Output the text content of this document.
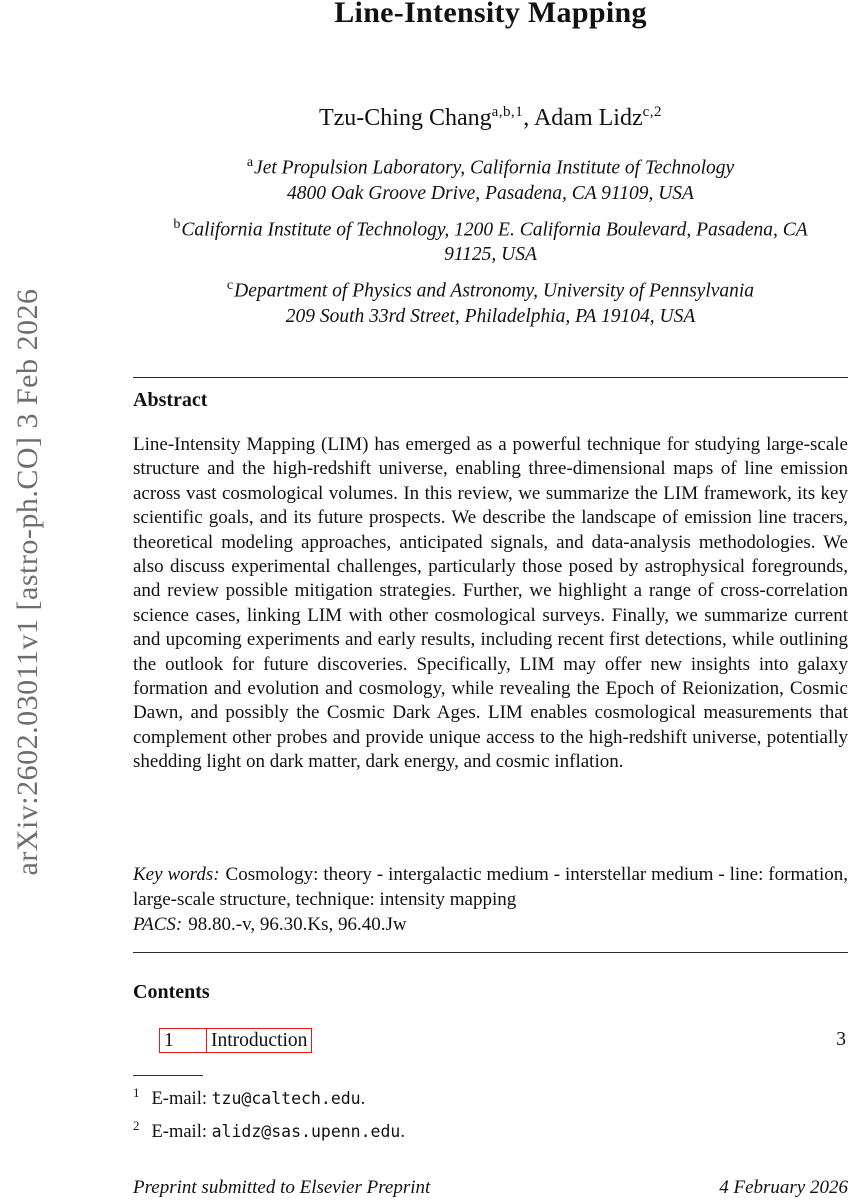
arXiv:2602.03011v1 [astro-ph.CO] 3 Feb 2026
Line-Intensity Mapping
Tzu-Ching Chang$^{a,b,1}$, Adam Lidz$^{c,2}$
$^a$Jet Propulsion Laboratory, California Institute of Technology
4800 Oak Groove Drive, Pasadena, CA 91109, USA
$^b$California Institute of Technology, 1200 E. California Boulevard, Pasadena, CA
91125, USA
$^c$Department of Physics and Astronomy, University of Pennsylvania
209 South 33rd Street, Philadelphia, PA 19104, USA
Abstract
Line-Intensity Mapping (LIM) has emerged as a powerful technique for studying large-scale structure and the high-redshift universe, enabling three-dimensional maps of line emission across vast cosmological volumes. In this review, we summarize the LIM framework, its key scientific goals, and its future prospects. We describe the landscape of emission line tracers, theoretical modeling approaches, anticipated signals, and data-analysis methodologies. We also discuss experimental challenges, particularly those posed by astrophysical foregrounds, and review possible mitigation strategies. Further, we highlight a range of cross-correlation science cases, linking LIM with other cosmological surveys. Finally, we summarize current and upcoming experiments and early results, including recent first detections, while outlining the outlook for future discoveries. Specifically, LIM may offer new insights into galaxy formation and evolution and cosmology, while revealing the Epoch of Reionization, Cosmic Dawn, and possibly the Cosmic Dark Ages. LIM enables cosmological measurements that complement other probes and provide unique access to the high-redshift universe, potentially shedding light on dark matter, dark energy, and cosmic inflation.
Key words: Cosmology: theory - intergalactic medium - interstellar medium - line: formation, large-scale structure, technique: intensity mapping
PACS: 98.80.-v, 96.30.Ks, 96.40.Jw
Contents
1	Introduction	3
$^1$ E-mail: tzu@caltech.edu.
$^2$ E-mail: alidz@sas.upenn.edu.
Preprint submitted to Elsevier Preprint	4 February 2026
